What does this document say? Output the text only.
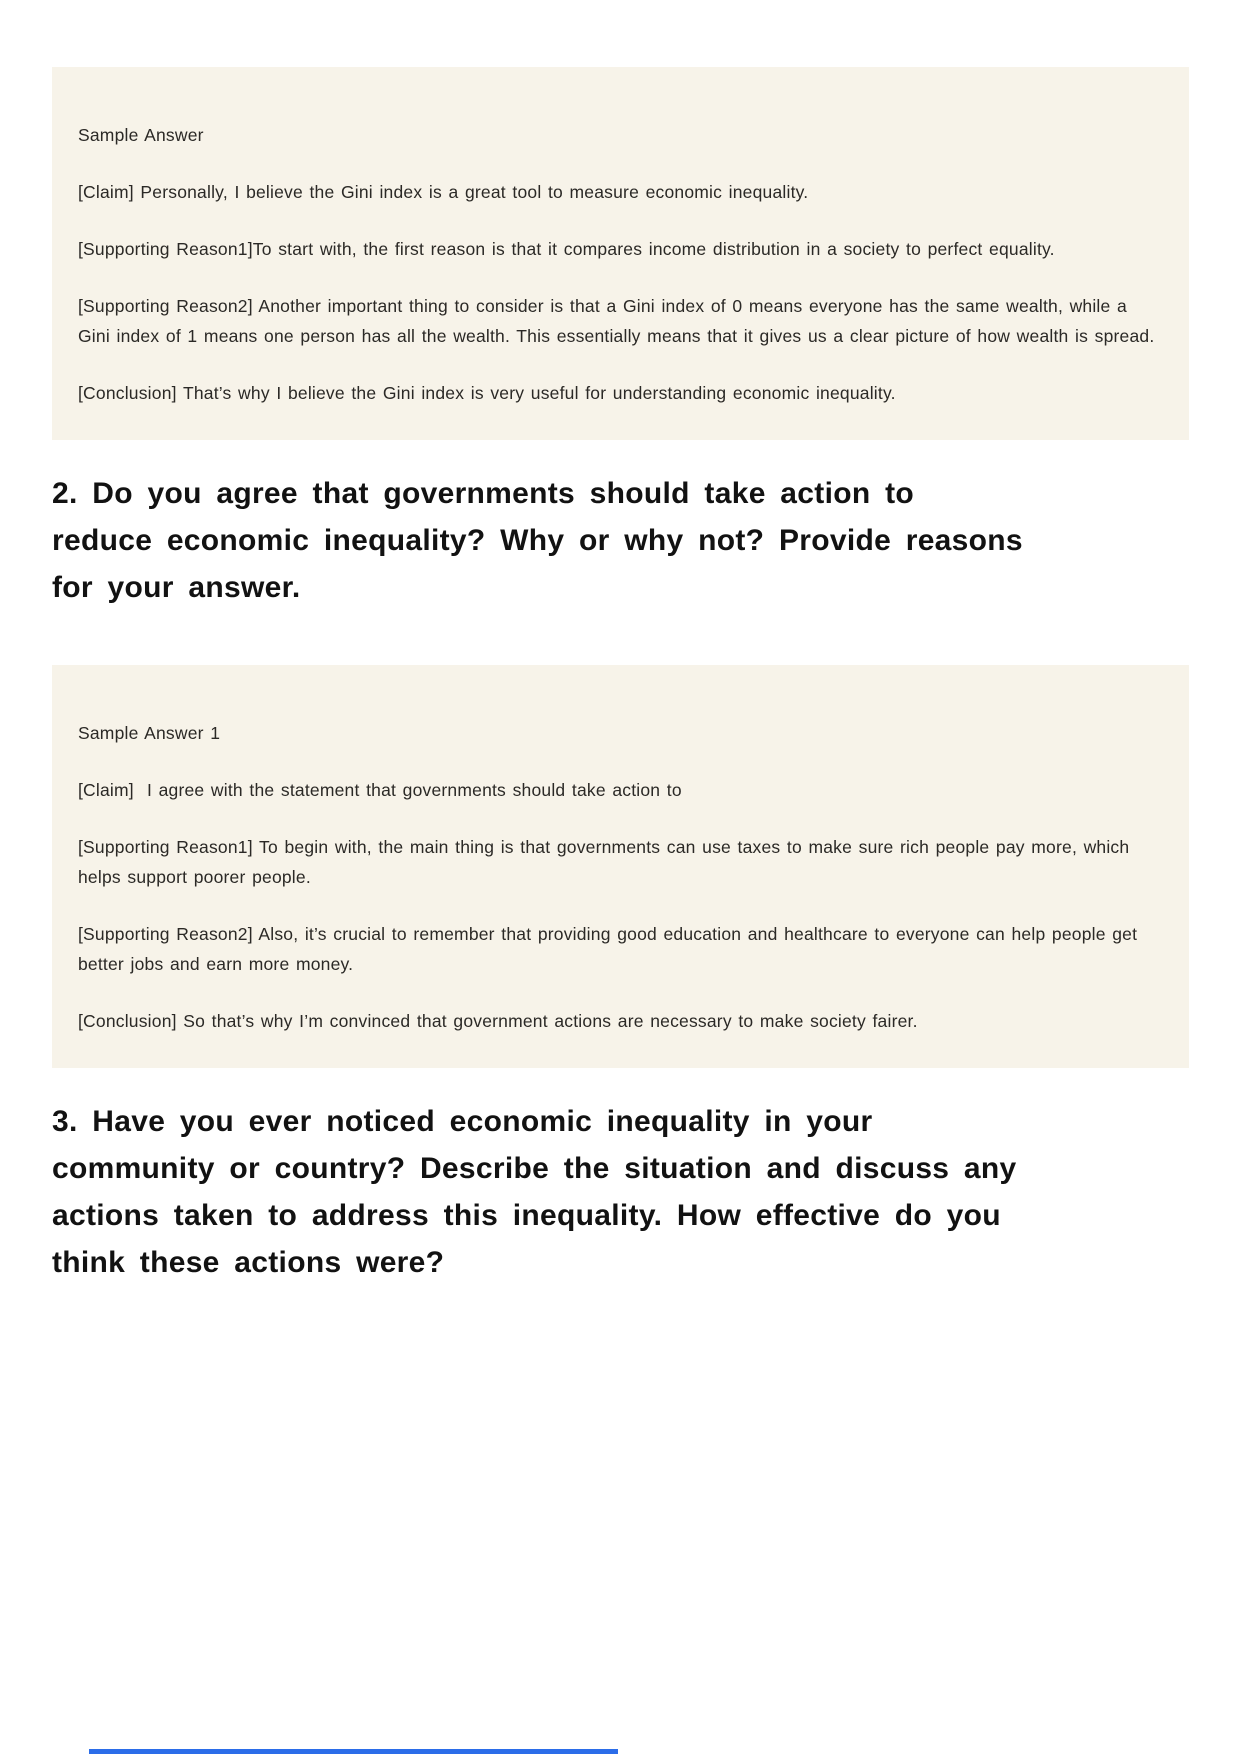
Sample Answer

[Claim] Personally, I believe the Gini index is a great tool to measure economic inequality.

[Supporting Reason1]To start with, the first reason is that it compares income distribution in a society to perfect equality.

[Supporting Reason2] Another important thing to consider is that a Gini index of 0 means everyone has the same wealth, while a Gini index of 1 means one person has all the wealth. This essentially means that it gives us a clear picture of how wealth is spread.

[Conclusion] That’s why I believe the Gini index is very useful for understanding economic inequality.

2. Do you agree that governments should take action to
reduce economic inequality? Why or why not? Provide reasons
for your answer.

Sample Answer 1

[Claim]  I agree with the statement that governments should take action to

[Supporting Reason1] To begin with, the main thing is that governments can use taxes to make sure rich people pay more, which helps support poorer people.

[Supporting Reason2] Also, it’s crucial to remember that providing good education and healthcare to everyone can help people get better jobs and earn more money.

[Conclusion] So that’s why I’m convinced that government actions are necessary to make society fairer.

3. Have you ever noticed economic inequality in your
community or country? Describe the situation and discuss any
actions taken to address this inequality. How effective do you
think these actions were?
